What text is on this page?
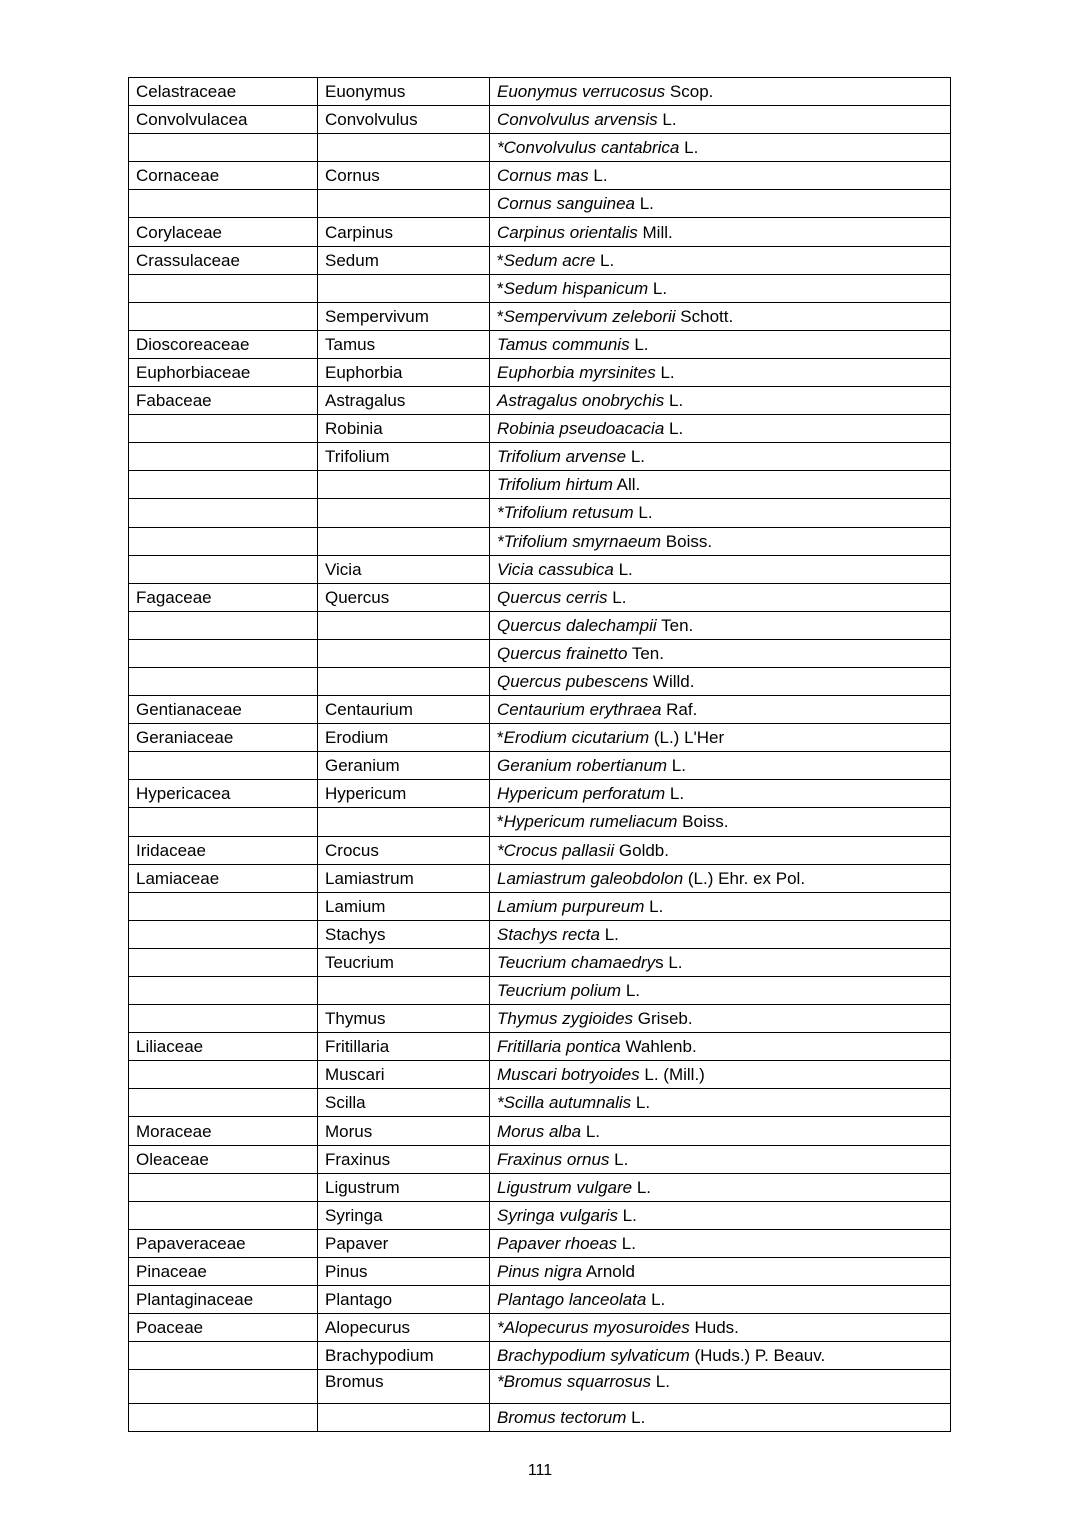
Celastraceae	Euonymus	Euonymus verrucosus Scop.
Convolvulacea	Convolvulus	Convolvulus arvensis L.
		*Convolvulus cantabrica L.
Cornaceae	Cornus	Cornus mas L.
		Cornus sanguinea L.
Corylaceae	Carpinus	Carpinus orientalis Mill.
Crassulaceae	Sedum	*Sedum acre L.
		*Sedum hispanicum L.
	Sempervivum	*Sempervivum zeleborii Schott.
Dioscoreaceae	Tamus	Tamus communis L.
Euphorbiaceae	Euphorbia	Euphorbia myrsinites L.
Fabaceae	Astragalus	Astragalus onobrychis L.
	Robinia	Robinia pseudoacacia L.
	Trifolium	Trifolium arvense L.
		Trifolium hirtum All.
		*Trifolium retusum L.
		*Trifolium smyrnaeum Boiss.
	Vicia	Vicia cassubica L.
Fagaceae	Quercus	Quercus cerris L.
		Quercus dalechampii Ten.
		Quercus frainetto Ten.
		Quercus pubescens Willd.
Gentianaceae	Centaurium	Centaurium erythraea Raf.
Geraniaceae	Erodium	*Erodium cicutarium (L.) L'Her
	Geranium	Geranium robertianum L.
Hypericacea	Hypericum	Hypericum perforatum L.
		*Hypericum rumeliacum Boiss.
Iridaceae	Crocus	*Crocus pallasii Goldb.
Lamiaceae	Lamiastrum	Lamiastrum galeobdolon (L.) Ehr. ex Pol.
	Lamium	Lamium purpureum L.
	Stachys	Stachys recta L.
	Teucrium	Teucrium chamaedrys L.
		Teucrium polium L.
	Thymus	Thymus zygioides Griseb.
Liliaceae	Fritillaria	Fritillaria pontica Wahlenb.
	Muscari	Muscari botryoides L. (Mill.)
	Scilla	*Scilla autumnalis L.
Moraceae	Morus	Morus alba L.
Oleaceae	Fraxinus	Fraxinus ornus L.
	Ligustrum	Ligustrum vulgare L.
	Syringa	Syringa vulgaris L.
Papaveraceae	Papaver	Papaver rhoeas L.
Pinaceae	Pinus	Pinus nigra Arnold
Plantaginaceae	Plantago	Plantago lanceolata L.
Poaceae	Alopecurus	*Alopecurus myosuroides Huds.
	Brachypodium	Brachypodium sylvaticum (Huds.) P. Beauv.
	Bromus	*Bromus squarrosus L.
		Bromus tectorum L.
111
